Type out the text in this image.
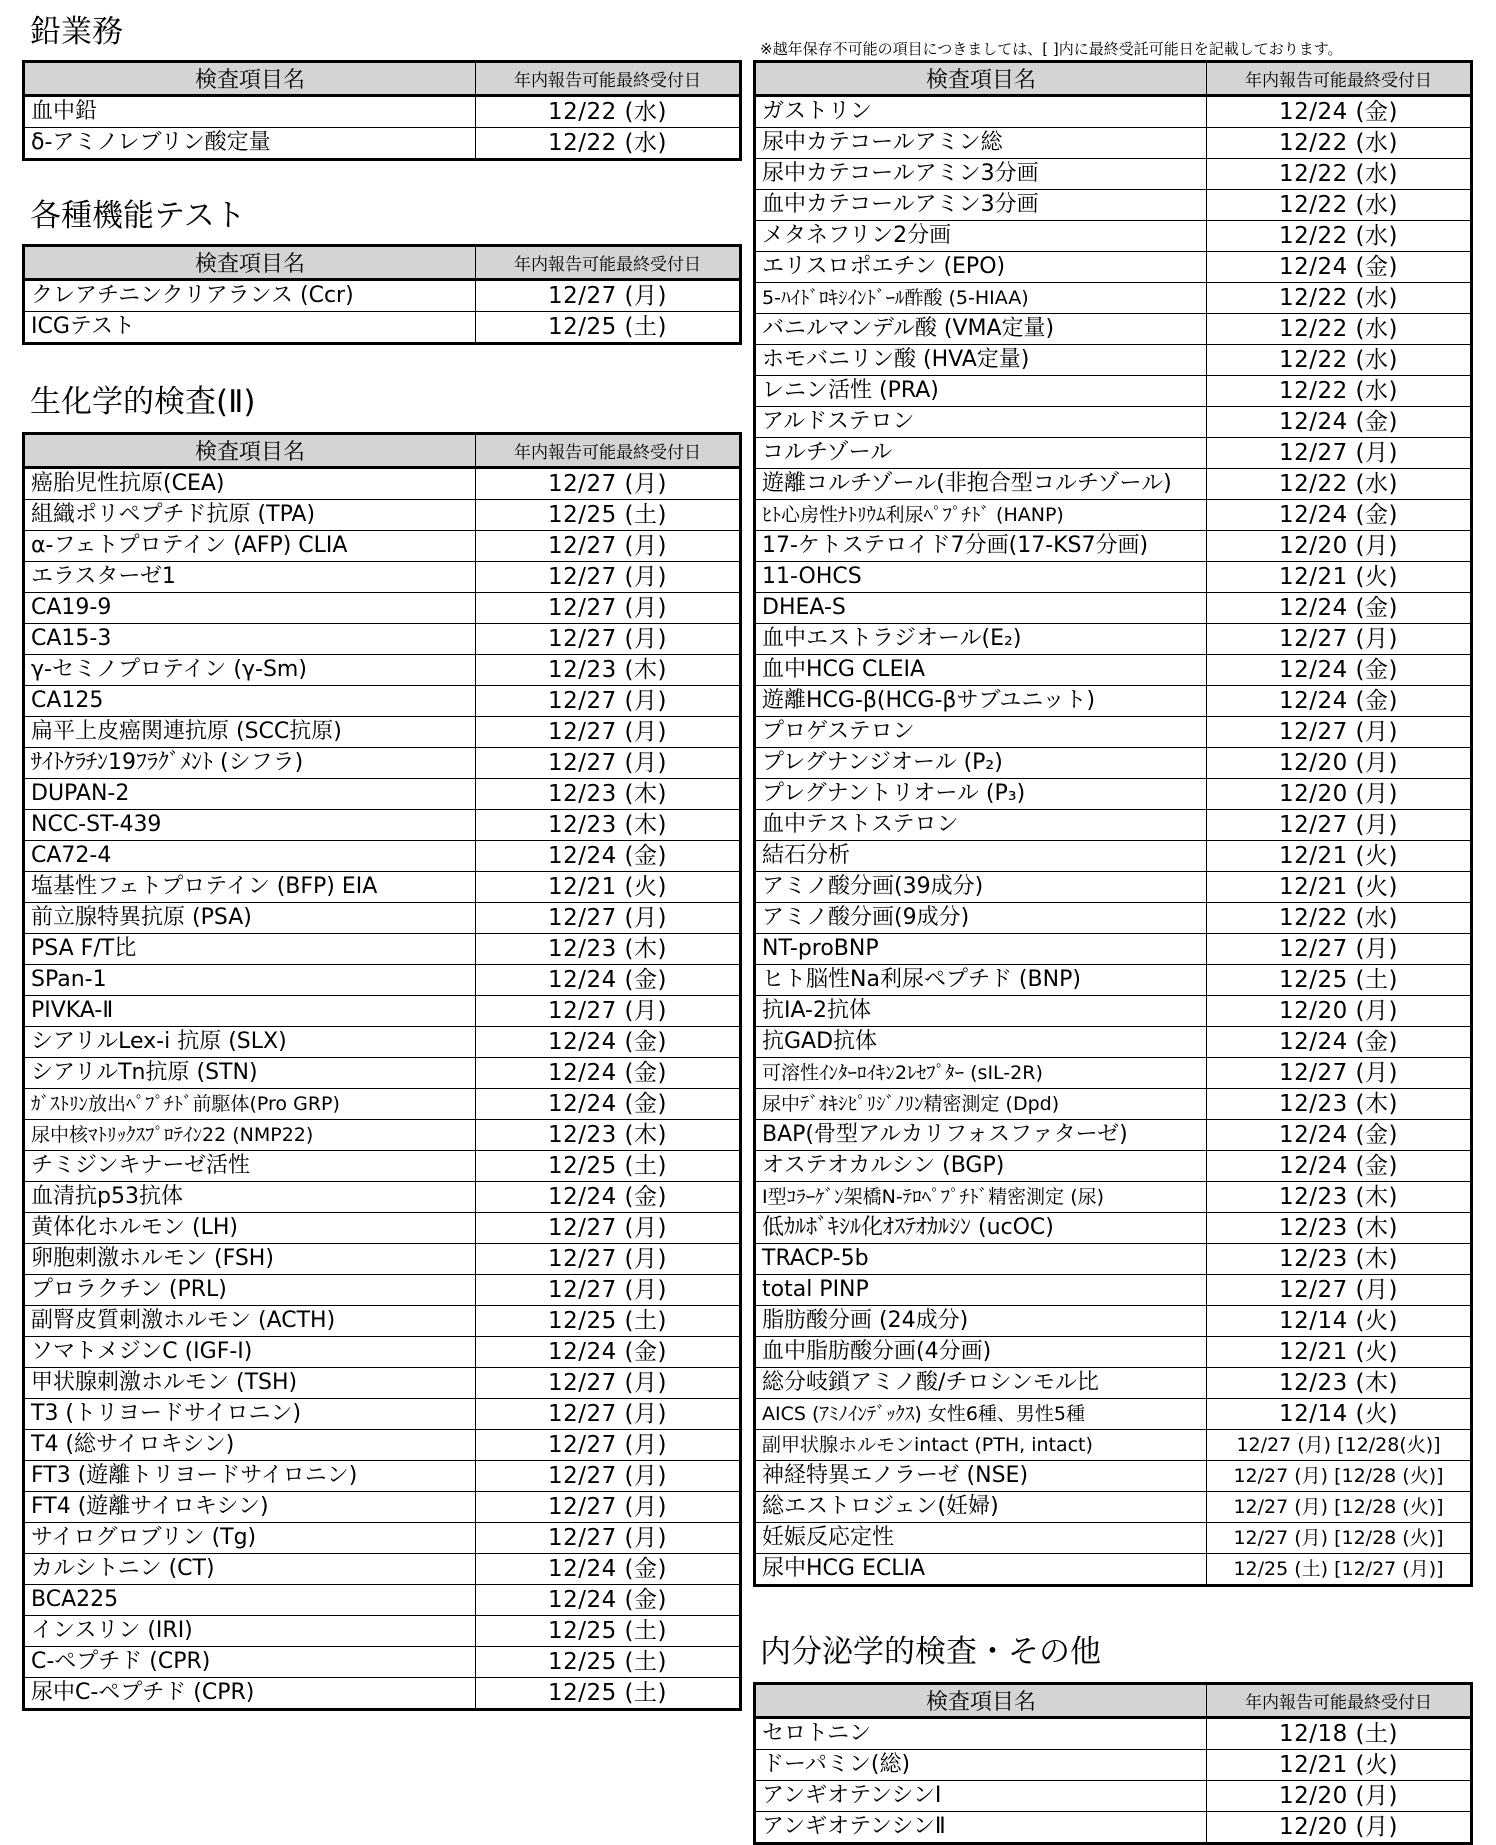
鉛業務	※越年保存不可能の項目につきましては、[ ]内に最終受託可能日を記載しております。
各種機能テスト
生化学的検査(Ⅱ)
内分泌学的検査・その他
検査項目名	年内報告可能最終受付日
血中鉛	12/22 (水)
δ-アミノレブリン酸定量	12/22 (水)
検査項目名	年内報告可能最終受付日
クレアチニンクリアランス (Ccr)	12/27 (月)
ICGテスト	12/25 (土)
検査項目名	年内報告可能最終受付日
癌胎児性抗原(CEA)	12/27 (月)
組織ポリペプチド抗原 (TPA)	12/25 (土)
α-フェトプロテイン (AFP) CLIA	12/27 (月)
エラスターゼ1	12/27 (月)
CA19-9	12/27 (月)
CA15-3	12/27 (月)
γ-セミノプロテイン (γ-Sm)	12/23 (木)
CA125	12/27 (月)
扁平上皮癌関連抗原 (SCC抗原)	12/27 (月)
ｻｲﾄｹﾗﾁﾝ19ﾌﾗｸﾞﾒﾝﾄ (シフラ)	12/27 (月)
DUPAN-2	12/23 (木)
NCC-ST-439	12/23 (木)
CA72-4	12/24 (金)
塩基性フェトプロテイン (BFP) EIA	12/21 (火)
前立腺特異抗原 (PSA)	12/27 (月)
PSA F/T比	12/23 (木)
SPan-1	12/24 (金)
PIVKA-Ⅱ	12/27 (月)
シアリルLex-i 抗原 (SLX)	12/24 (金)
シアリルTn抗原 (STN)	12/24 (金)
ｶﾞｽﾄﾘﾝ放出ﾍﾟﾌﾟﾁﾄﾞ前駆体(Pro GRP)	12/24 (金)
尿中核ﾏﾄﾘｯｸｽﾌﾟﾛﾃｲﾝ22 (NMP22)	12/23 (木)
チミジンキナーゼ活性	12/25 (土)
血清抗p53抗体	12/24 (金)
黄体化ホルモン (LH)	12/27 (月)
卵胞刺激ホルモン (FSH)	12/27 (月)
プロラクチン (PRL)	12/27 (月)
副腎皮質刺激ホルモン (ACTH)	12/25 (土)
ソマトメジンC (IGF-I)	12/24 (金)
甲状腺刺激ホルモン (TSH)	12/27 (月)
T3 (トリヨードサイロニン)	12/27 (月)
T4 (総サイロキシン)	12/27 (月)
FT3 (遊離トリヨードサイロニン)	12/27 (月)
FT4 (遊離サイロキシン)	12/27 (月)
サイログロブリン (Tg)	12/27 (月)
カルシトニン (CT)	12/24 (金)
BCA225	12/24 (金)
インスリン (IRI)	12/25 (土)
C-ペプチド (CPR)	12/25 (土)
尿中C-ペプチド (CPR)	12/25 (土)
検査項目名	年内報告可能最終受付日
ガストリン	12/24 (金)
尿中カテコールアミン総	12/22 (水)
尿中カテコールアミン3分画	12/22 (水)
血中カテコールアミン3分画	12/22 (水)
メタネフリン2分画	12/22 (水)
エリスロポエチン (EPO)	12/24 (金)
5-ﾊｲﾄﾞﾛｷｼｲﾝﾄﾞｰﾙ酢酸 (5-HIAA)	12/22 (水)
バニルマンデル酸 (VMA定量)	12/22 (水)
ホモバニリン酸 (HVA定量)	12/22 (水)
レニン活性 (PRA)	12/22 (水)
アルドステロン	12/24 (金)
コルチゾール	12/27 (月)
遊離コルチゾール(非抱合型コルチゾール)	12/22 (水)
ﾋﾄ心房性ﾅﾄﾘｳﾑ利尿ﾍﾟﾌﾟﾁﾄﾞ (HANP)	12/24 (金)
17-ケトステロイド7分画(17-KS7分画)	12/20 (月)
11-OHCS	12/21 (火)
DHEA-S	12/24 (金)
血中エストラジオール(E₂)	12/27 (月)
血中HCG CLEIA	12/24 (金)
遊離HCG-β(HCG-βサブユニット)	12/24 (金)
プロゲステロン	12/27 (月)
プレグナンジオール (P₂)	12/20 (月)
プレグナントリオール (P₃)	12/20 (月)
血中テストステロン	12/27 (月)
結石分析	12/21 (火)
アミノ酸分画(39成分)	12/21 (火)
アミノ酸分画(9成分)	12/22 (水)
NT-proBNP	12/27 (月)
ヒト脳性Na利尿ペプチド (BNP)	12/25 (土)
抗IA-2抗体	12/20 (月)
抗GAD抗体	12/24 (金)
可溶性ｲﾝﾀｰﾛｲｷﾝ2ﾚｾﾌﾟﾀｰ (sIL-2R)	12/27 (月)
尿中ﾃﾞｵｷｼﾋﾟﾘｼﾞﾉﾘﾝ精密測定 (Dpd)	12/23 (木)
BAP(骨型アルカリフォスファターゼ)	12/24 (金)
オステオカルシン (BGP)	12/24 (金)
Ⅰ型ｺﾗｰｹﾞﾝ架橋N-ﾃﾛﾍﾟﾌﾟﾁﾄﾞ精密測定 (尿)	12/23 (木)
低ｶﾙﾎﾞｷｼﾙ化ｵｽﾃｵｶﾙｼﾝ (ucOC)	12/23 (木)
TRACP-5b	12/23 (木)
total PINP	12/27 (月)
脂肪酸分画 (24成分)	12/14 (火)
血中脂肪酸分画(4分画)	12/21 (火)
総分岐鎖アミノ酸/チロシンモル比	12/23 (木)
AICS (ｱﾐﾉｲﾝﾃﾞｯｸｽ) 女性6種、男性5種	12/14 (火)
副甲状腺ホルモンintact (PTH, intact)	12/27 (月) [12/28(火)]
神経特異エノラーゼ (NSE)	12/27 (月) [12/28 (火)]
総エストロジェン(妊婦)	12/27 (月) [12/28 (火)]
妊娠反応定性	12/27 (月) [12/28 (火)]
尿中HCG ECLIA	12/25 (土) [12/27 (月)]
検査項目名	年内報告可能最終受付日
セロトニン	12/18 (土)
ドーパミン(総)	12/21 (火)
アンギオテンシンⅠ	12/20 (月)
アンギオテンシンⅡ	12/20 (月)
